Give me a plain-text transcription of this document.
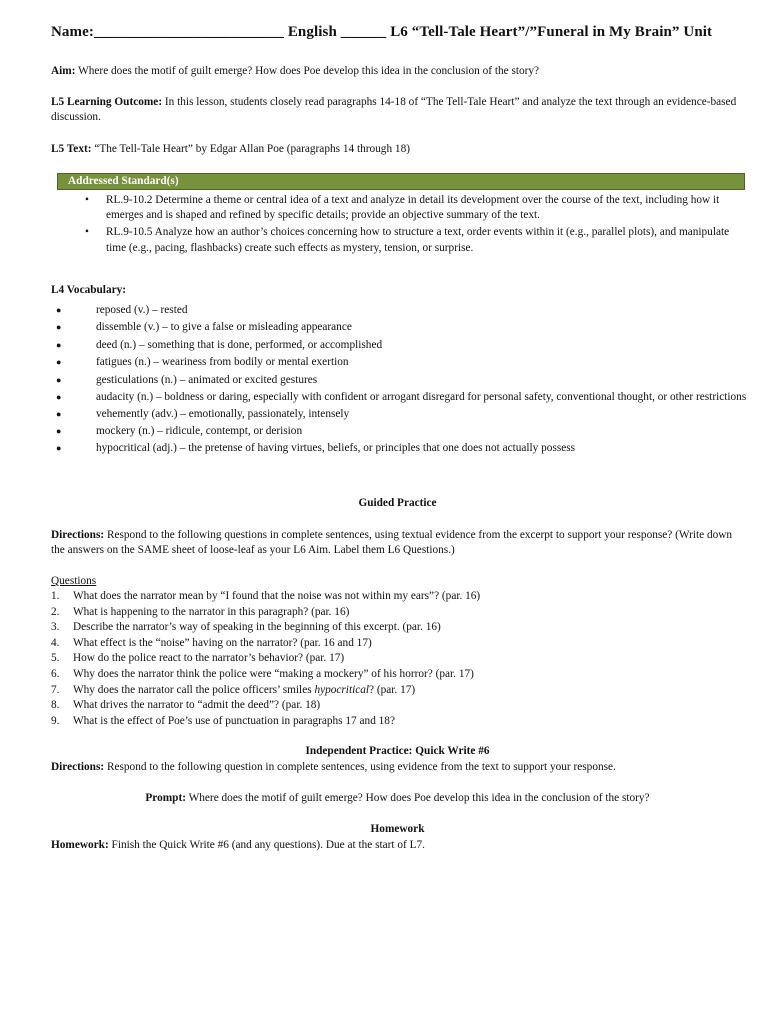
Name:_________________________ English ______ L6 “Tell-Tale Heart”/”Funeral in My Brain” Unit
Aim: Where does the motif of guilt emerge? How does Poe develop this idea in the conclusion of the story?
L5 Learning Outcome: In this lesson, students closely read paragraphs 14-18 of “The Tell-Tale Heart” and analyze the text through an evidence-based discussion.
L5 Text: “The Tell-Tale Heart” by Edgar Allan Poe (paragraphs 14 through 18)
Addressed Standard(s)
• RL.9-10.2 Determine a theme or central idea of a text and analyze in detail its development over the course of the text, including how it emerges and is shaped and refined by specific details; provide an objective summary of the text.
• RL.9-10.5 Analyze how an author’s choices concerning how to structure a text, order events within it (e.g., parallel plots), and manipulate time (e.g., pacing, flashbacks) create such effects as mystery, tension, or surprise.
L4 Vocabulary:
●	reposed (v.) – rested
●	dissemble (v.) – to give a false or misleading appearance
●	deed (n.) – something that is done, performed, or accomplished
●	fatigues (n.) – weariness from bodily or mental exertion
●	gesticulations (n.) – animated or excited gestures
●	audacity (n.) – boldness or daring, especially with confident or arrogant disregard for personal safety, conventional thought, or other restrictions
●	vehemently (adv.) – emotionally, passionately, intensely
●	mockery (n.) – ridicule, contempt, or derision
●	hypocritical (adj.) – the pretense of having virtues, beliefs, or principles that one does not actually possess
Guided Practice
Directions: Respond to the following questions in complete sentences, using textual evidence from the excerpt to support your response? (Write down the answers on the SAME sheet of loose-leaf as your L6 Aim. Label them L6 Questions.)
Questions
1. What does the narrator mean by “I found that the noise was not within my ears”? (par. 16)
2. What is happening to the narrator in this paragraph? (par. 16)
3. Describe the narrator’s way of speaking in the beginning of this excerpt. (par. 16)
4. What effect is the “noise” having on the narrator? (par. 16 and 17)
5. How do the police react to the narrator’s behavior? (par. 17)
6. Why does the narrator think the police were “making a mockery” of his horror? (par. 17)
7. Why does the narrator call the police officers’ smiles hypocritical? (par. 17)
8. What drives the narrator to “admit the deed”? (par. 18)
9. What is the effect of Poe’s use of punctuation in paragraphs 17 and 18?
Independent Practice: Quick Write #6
Directions: Respond to the following question in complete sentences, using evidence from the text to support your response.
Prompt: Where does the motif of guilt emerge? How does Poe develop this idea in the conclusion of the story?
Homework
Homework: Finish the Quick Write #6 (and any questions). Due at the start of L7.
